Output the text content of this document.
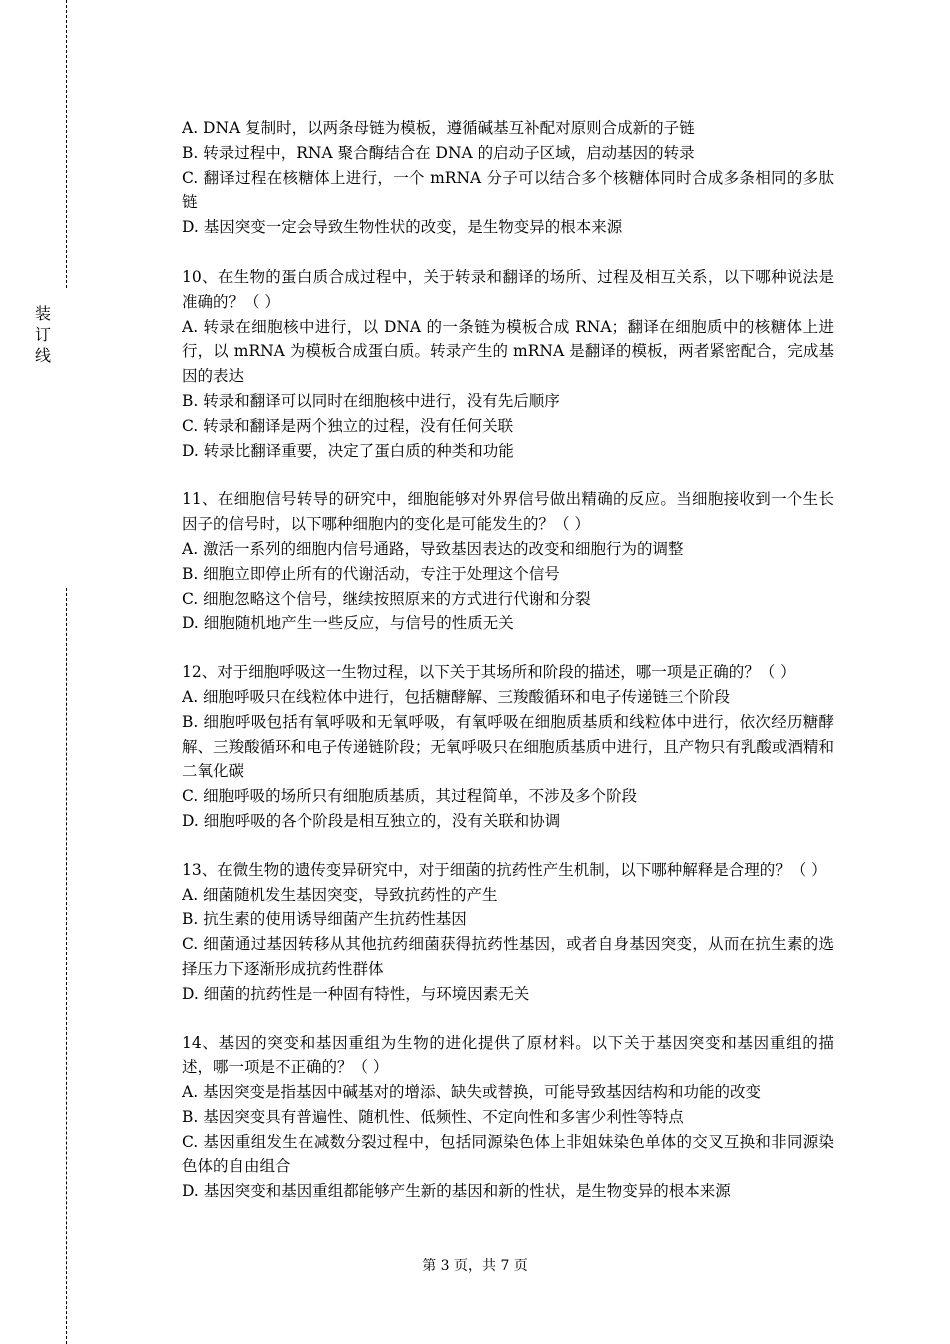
装
订
线

A. DNA 复制时，以两条母链为模板，遵循碱基互补配对原则合成新的子链

B. 转录过程中，RNA 聚合酶结合在 DNA 的启动子区域，启动基因的转录

C. 翻译过程在核糖体上进行，一个 mRNA 分子可以结合多个核糖体同时合成多条相同的多肽链

D. 基因突变一定会导致生物性状的改变，是生物变异的根本来源

10、在生物的蛋白质合成过程中，关于转录和翻译的场所、过程及相互关系，以下哪种说法是准确的？（ ）

A. 转录在细胞核中进行，以 DNA 的一条链为模板合成 RNA；翻译在细胞质中的核糖体上进行，以 mRNA 为模板合成蛋白质。转录产生的 mRNA 是翻译的模板，两者紧密配合，完成基因的表达

B. 转录和翻译可以同时在细胞核中进行，没有先后顺序

C. 转录和翻译是两个独立的过程，没有任何关联

D. 转录比翻译重要，决定了蛋白质的种类和功能

11、在细胞信号转导的研究中，细胞能够对外界信号做出精确的反应。当细胞接收到一个生长因子的信号时，以下哪种细胞内的变化是可能发生的？（ ）

A. 激活一系列的细胞内信号通路，导致基因表达的改变和细胞行为的调整

B. 细胞立即停止所有的代谢活动，专注于处理这个信号

C. 细胞忽略这个信号，继续按照原来的方式进行代谢和分裂

D. 细胞随机地产生一些反应，与信号的性质无关

12、对于细胞呼吸这一生物过程，以下关于其场所和阶段的描述，哪一项是正确的？（ ）

A. 细胞呼吸只在线粒体中进行，包括糖酵解、三羧酸循环和电子传递链三个阶段

B. 细胞呼吸包括有氧呼吸和无氧呼吸，有氧呼吸在细胞质基质和线粒体中进行，依次经历糖酵解、三羧酸循环和电子传递链阶段；无氧呼吸只在细胞质基质中进行，且产物只有乳酸或酒精和二氧化碳

C. 细胞呼吸的场所只有细胞质基质，其过程简单，不涉及多个阶段

D. 细胞呼吸的各个阶段是相互独立的，没有关联和协调

13、在微生物的遗传变异研究中，对于细菌的抗药性产生机制，以下哪种解释是合理的？（ ）

A. 细菌随机发生基因突变，导致抗药性的产生

B. 抗生素的使用诱导细菌产生抗药性基因

C. 细菌通过基因转移从其他抗药细菌获得抗药性基因，或者自身基因突变，从而在抗生素的选择压力下逐渐形成抗药性群体

D. 细菌的抗药性是一种固有特性，与环境因素无关

14、基因的突变和基因重组为生物的进化提供了原材料。以下关于基因突变和基因重组的描述，哪一项是不正确的？（ ）

A. 基因突变是指基因中碱基对的增添、缺失或替换，可能导致基因结构和功能的改变

B. 基因突变具有普遍性、随机性、低频性、不定向性和多害少利性等特点

C. 基因重组发生在减数分裂过程中，包括同源染色体上非姐妹染色单体的交叉互换和非同源染色体的自由组合

D. 基因突变和基因重组都能够产生新的基因和新的性状，是生物变异的根本来源

第 3 页，共 7 页
